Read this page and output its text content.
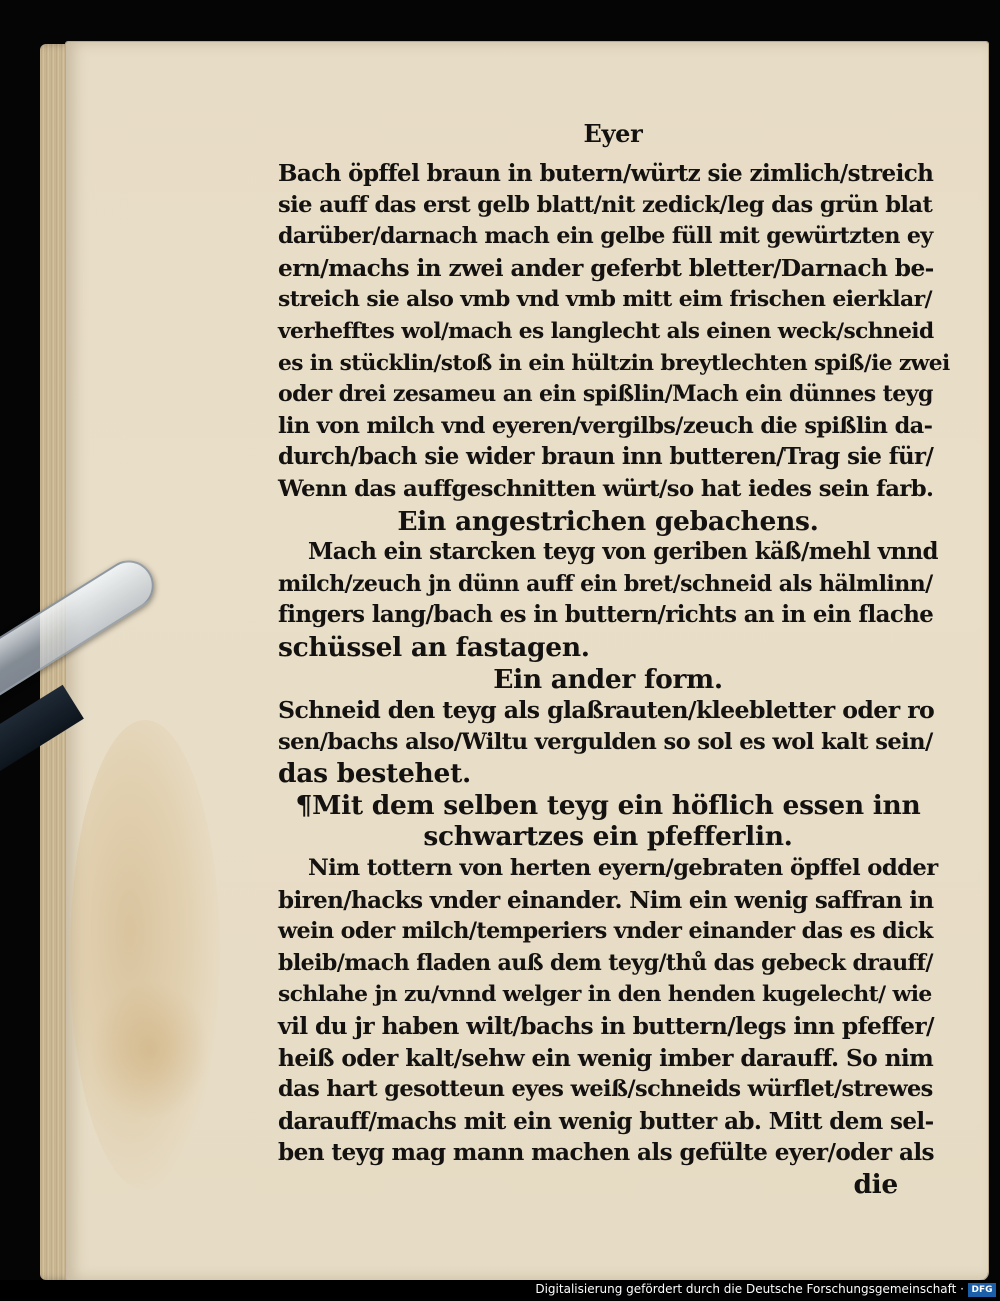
Eyer
Bach öpffel braun in butern/würtz sie zimlich/streich
sie auff das erst gelb blatt/nit zedick/leg das grün blat
darüber/darnach mach ein gelbe füll mit gewürtzten ey
ern/machs in zwei ander geferbt bletter/Darnach be-
streich sie also vmb vnd vmb mitt eim frischen eierklar/
verhefftes wol/mach es langlecht als einen weck/schneid
es in stücklin/stoß in ein hültzin breytlechten spiß/ie zwei
oder drei zesameu an ein spißlin/Mach ein dünnes teyg
lin von milch vnd eyeren/vergilbs/zeuch die spißlin da-
durch/bach sie wider braun inn butteren/Trag sie für/
Wenn das auffgeschnitten würt/so hat iedes sein farb.
Ein angestrichen gebachens.
Mach ein starcken teyg von geriben käß/mehl vnnd
milch/zeuch jn dünn auff ein bret/schneid als hälmlinn/
fingers lang/bach es in buttern/richts an in ein flache
schüssel an fastagen.
Ein ander form.
Schneid den teyg als glaßrauten/kleebletter oder ro
sen/bachs also/Wiltu vergulden so sol es wol kalt sein/
das bestehet.
¶Mit dem selben teyg ein höflich essen inn
schwartzes ein pfefferlin.
Nim tottern von herten eyern/gebraten öpffel odder
biren/hacks vnder einander. Nim ein wenig saffran in
wein oder milch/temperiers vnder einander das es dick
bleib/mach fladen auß dem teyg/thů das gebeck drauff/
schlahe jn zu/vnnd welger in den henden kugelecht/ wie
vil du jr haben wilt/bachs in buttern/legs inn pfeffer/
heiß oder kalt/sehw ein wenig imber darauff. So nim
das hart gesotteun eyes weiß/schneids würflet/strewes
darauff/machs mit ein wenig butter ab. Mitt dem sel-
ben teyg mag mann machen als gefülte eyer/oder als
die
Digitalisierung gefördert durch die Deutsche Forschungsgemeinschaft · DFG
